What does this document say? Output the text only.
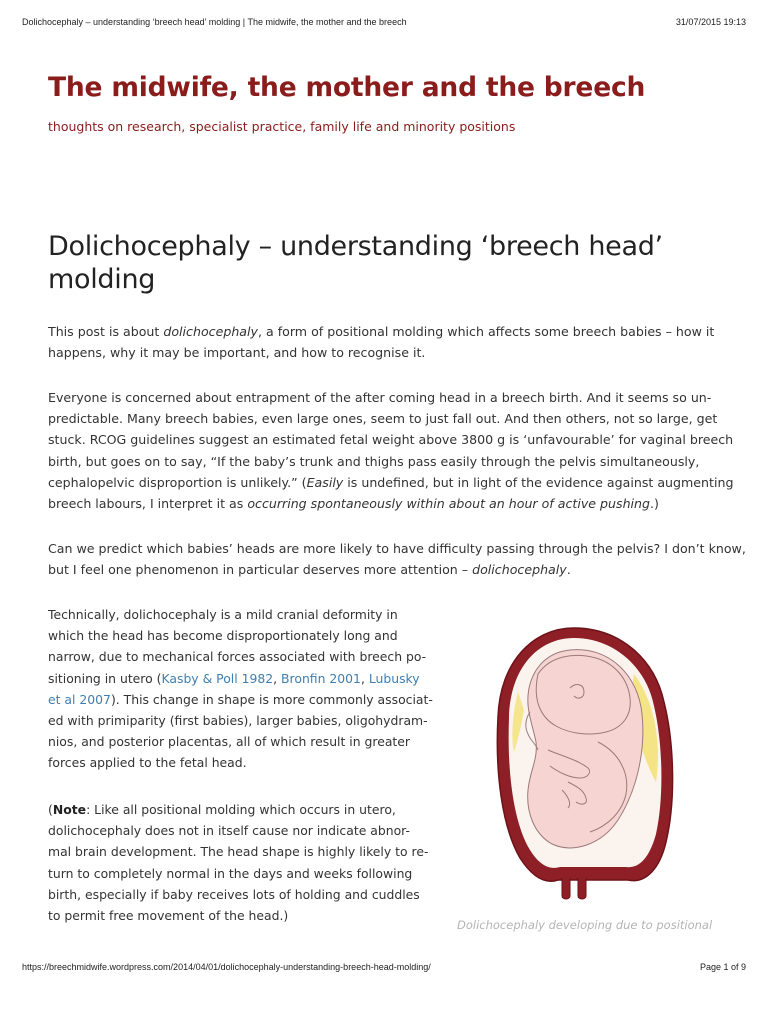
Dolichocephaly – understanding ‘breech head’ molding | The midwife, the mother and the breech	31/07/2015 19:13
The midwife, the mother and the breech

thoughts on research, specialist practice, family life and minority positions

Dolichocephaly – understanding ‘breech head’ molding

This post is about dolichocephaly, a form of positional molding which affects some breech babies – how it happens, why it may be important, and how to recognise it.

Everyone is concerned about entrapment of the after coming head in a breech birth. And it seems so un-predictable. Many breech babies, even large ones, seem to just fall out. And then others, not so large, get stuck. RCOG guidelines suggest an estimated fetal weight above 3800 g is ‘unfavourable’ for vaginal breech birth, but goes on to say, “If the baby’s trunk and thighs pass easily through the pelvis simultaneously, cephalopelvic disproportion is unlikely.” (Easily is undefined, but in light of the evidence against augmenting breech labours, I interpret it as occurring spontaneously within about an hour of active pushing.)

Can we predict which babies’ heads are more likely to have difficulty passing through the pelvis? I don’t know, but I feel one phenomenon in particular deserves more attention – dolichocephaly.

Technically, dolichocephaly is a mild cranial deformity in which the head has become disproportionately long and narrow, due to mechanical forces associated with breech po-sitioning in utero (Kasby & Poll 1982, Bronfin 2001, Lubusky et al 2007). This change in shape is more commonly associat-ed with primiparity (first babies), larger babies, oligohydram-nios, and posterior placentas, all of which result in greater forces applied to the fetal head.

(Note: Like all positional molding which occurs in utero, dolichocephaly does not in itself cause nor indicate abnor-mal brain development. The head shape is highly likely to re-turn to completely normal in the days and weeks following birth, especially if baby receives lots of holding and cuddles to permit free movement of the head.)

Dolichocephaly developing due to positional

https://breechmidwife.wordpress.com/2014/04/01/dolichocephaly-understanding-breech-head-molding/	Page 1 of 9
